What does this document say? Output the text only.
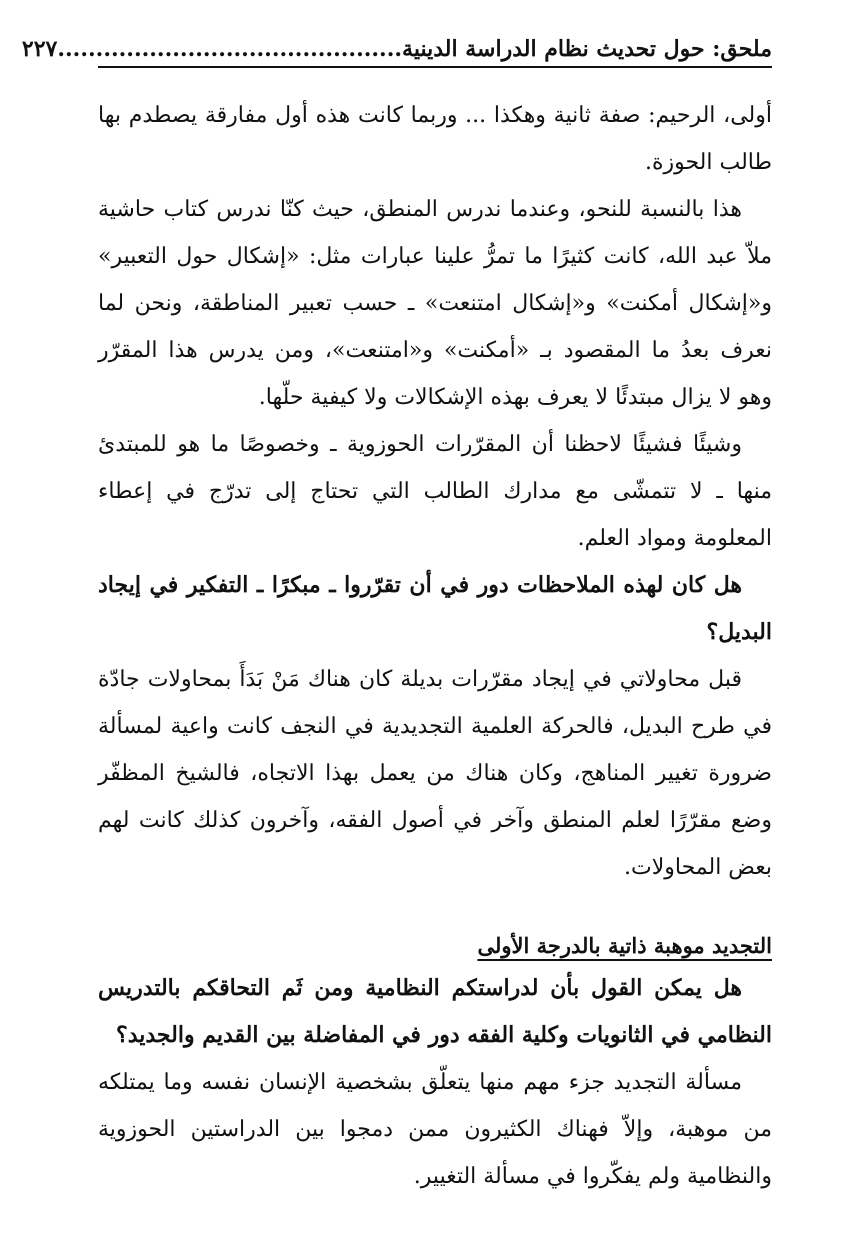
ملحق: حول تحديث نظام الدراسة الدينية
٢٢٧.............................................

أولى، الرحيم: صفة ثانية وهكذا ... وربما كانت هذه أول مفارقة يصطدم بها طالب الحوزة.

هذا بالنسبة للنحو، وعندما ندرس المنطق، حيث كنّا ندرس كتاب حاشية ملاّ عبد الله، كانت كثيرًا ما تمرُّ علينا عبارات مثل: «إشكال حول التعبير» و«إشكال أمكنت» و«إشكال امتنعت» ـ حسب تعبير المناطقة، ونحن لما نعرف بعدُ ما المقصود بـ «أمكنت» و«امتنعت»، ومن يدرس هذا المقرّر وهو لا يزال مبتدئًا لا يعرف بهذه الإشكالات ولا كيفية حلّها.

وشيئًا فشيئًا لاحظنا أن المقرّرات الحوزوية ـ وخصوصًا ما هو للمبتدئ منها ـ لا تتمشّى مع مدارك الطالب التي تحتاج إلى تدرّج في إعطاء المعلومة ومواد العلم.

هل كان لهذه الملاحظات دور في أن تقرّروا ـ مبكرًا ـ التفكير في إيجاد البديل؟

قبل محاولاتي في إيجاد مقرّرات بديلة كان هناك مَنْ بَدَأَ بمحاولات جادّة في طرح البديل، فالحركة العلمية التجديدية في النجف كانت واعية لمسألة ضرورة تغيير المناهج، وكان هناك من يعمل بهذا الاتجاه، فالشيخ المظفّر وضع مقرّرًا لعلم المنطق وآخر في أصول الفقه، وآخرون كذلك كانت لهم بعض المحاولات.

التجديد موهبة ذاتية بالدرجة الأولى

هل يمكن القول بأن لدراستكم النظامية ومن ثَم التحاقكم بالتدريس النظامي في الثانويات وكلية الفقه دور في المفاضلة بين القديم والجديد؟

مسألة التجديد جزء مهم منها يتعلّق بشخصية الإنسان نفسه وما يمتلكه من موهبة، وإلاّ فهناك الكثيرون ممن دمجوا بين الدراستين الحوزوية والنظامية ولم يفكّروا في مسألة التغيير.
